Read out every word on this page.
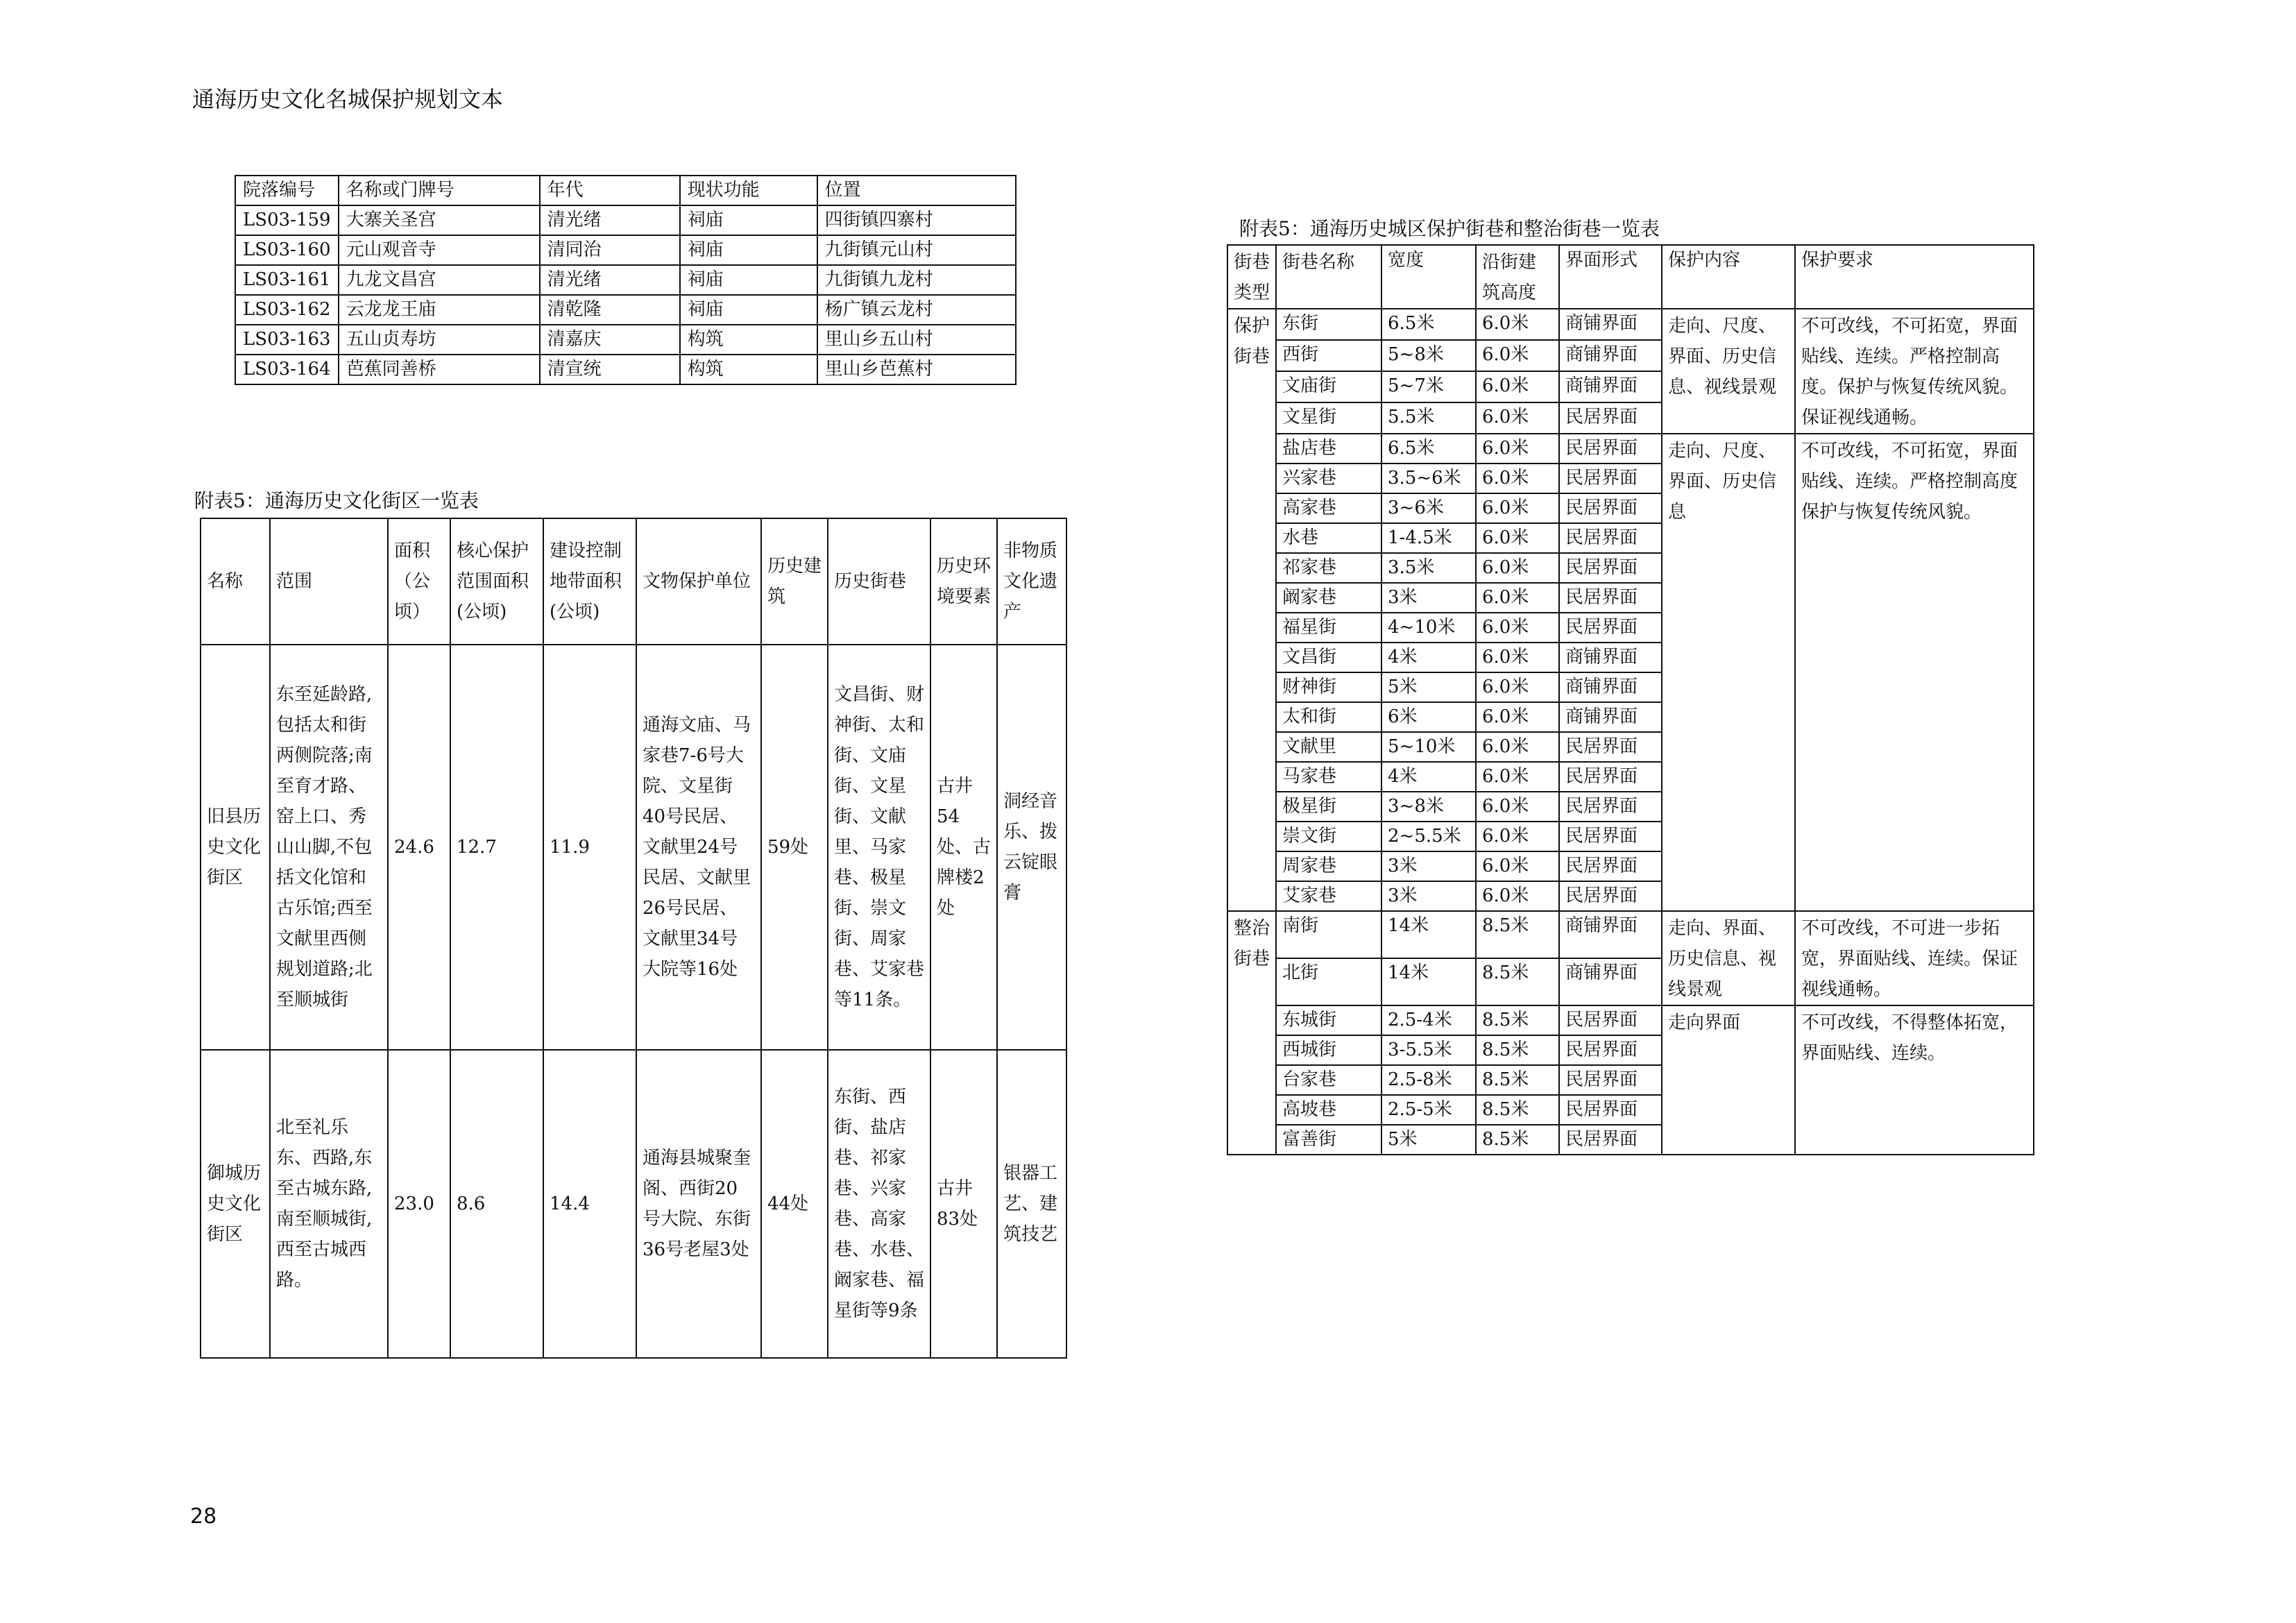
通海历史文化名城保护规划文本
院落编号	名称或门牌号	年代	现状功能	位置
LS03-159	大寨关圣宫	清光绪	祠庙	四街镇四寨村
LS03-160	元山观音寺	清同治	祠庙	九街镇元山村
LS03-161	九龙文昌宫	清光绪	祠庙	九街镇九龙村
LS03-162	云龙龙王庙	清乾隆	祠庙	杨广镇云龙村
LS03-163	五山贞寿坊	清嘉庆	构筑	里山乡五山村
LS03-164	芭蕉同善桥	清宣统	构筑	里山乡芭蕉村
附表5：通海历史文化街区一览表
名称	范围	面积（公顷）	核心保护范围面积(公顷)	建设控制地带面积(公顷)	文物保护单位	历史建筑	历史街巷	历史环境要素	非物质文化遗产
旧县历史文化街区	东至延龄路,包括太和街两侧院落;南至育才路、窑上口、秀山山脚,不包括文化馆和古乐馆;西至文献里西侧规划道路;北至顺城街	24.6	12.7	11.9	通海文庙、马家巷7-6号大院、文星街40号民居、文献里24号民居、文献里26号民居、文献里34号大院等16处	59处	文昌街、财神街、太和街、文庙街、文星街、文献里、马家巷、极星街、崇文街、周家巷、艾家巷等11条。	古井54处、古牌楼2处	洞经音乐、拨云锭眼膏
御城历史文化街区	北至礼乐东、西路,东至古城东路,南至顺城街,西至古城西路。	23.0	8.6	14.4	通海县城聚奎阁、西街20号大院、东街36号老屋3处	44处	东街、西街、盐店巷、祁家巷、兴家巷、高家巷、水巷、阚家巷、福星街等9条	古井83处	银器工艺、建筑技艺
附表5：通海历史城区保护街巷和整治街巷一览表
街巷类型	街巷名称	宽度	沿街建筑高度	界面形式	保护内容	保护要求
保护街巷	东街	6.5米	6.0米	商铺界面	走向、尺度、界面、历史信息、视线景观	不可改线，不可拓宽，界面贴线、连续。严格控制高度。保护与恢复传统风貌。保证视线通畅。
	西街	5~8米	6.0米	商铺界面		
	文庙街	5~7米	6.0米	商铺界面		
	文星街	5.5米	6.0米	民居界面		
	盐店巷	6.5米	6.0米	民居界面	走向、尺度、界面、历史信息	不可改线，不可拓宽，界面贴线、连续。严格控制高度保护与恢复传统风貌。
	兴家巷	3.5~6米	6.0米	民居界面		
	高家巷	3~6米	6.0米	民居界面		
	水巷	1-4.5米	6.0米	民居界面		
	祁家巷	3.5米	6.0米	民居界面		
	阚家巷	3米	6.0米	民居界面		
	福星街	4~10米	6.0米	民居界面		
	文昌街	4米	6.0米	商铺界面		
	财神街	5米	6.0米	商铺界面		
	太和街	6米	6.0米	商铺界面		
	文献里	5~10米	6.0米	民居界面		
	马家巷	4米	6.0米	民居界面		
	极星街	3~8米	6.0米	民居界面		
	崇文街	2~5.5米	6.0米	民居界面		
	周家巷	3米	6.0米	民居界面		
	艾家巷	3米	6.0米	民居界面		
整治街巷	南街	14米	8.5米	商铺界面	走向、界面、历史信息、视线景观	不可改线，不可进一步拓宽，界面贴线、连续。保证视线通畅。
	北街	14米	8.5米	商铺界面		
	东城街	2.5-4米	8.5米	民居界面	走向界面	不可改线，不得整体拓宽，界面贴线、连续。
	西城街	3-5.5米	8.5米	民居界面		
	台家巷	2.5-8米	8.5米	民居界面		
	高坡巷	2.5-5米	8.5米	民居界面		
	富善街	5米	8.5米	民居界面		
28
